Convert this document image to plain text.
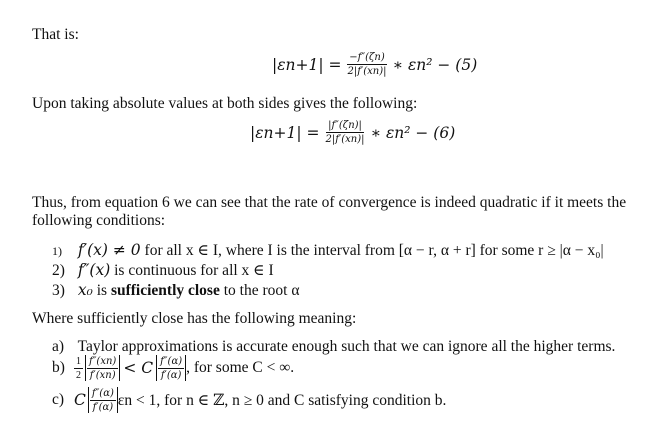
That is:
$|\varepsilon n+1| = \frac{-f''(\zeta n)}{2|f'(xn)|}$ ∗ εn² − (5)
Upon taking absolute values at both sides gives the following:
$|\varepsilon n+1| = \frac{|f''(\zeta n)|}{2|f'(xn)|}$ ∗ εn² − (6)
Thus, from equation 6 we can see that the rate of convergence is indeed quadratic if it meets the
following conditions:
1) f′(x) ≠ 0 for all x ∈ I, where I is the interval from [α − r, α + r] for some r ≥ |α − x₀|
2) f″(x) is continuous for all x ∈ I
3) x₀ is sufficiently close to the root α
Where sufficiently close has the following meaning:
a) Taylor approximations is accurate enough such that we can ignore all the higher terms.
$b) \frac{1}{2} \frac{f''(xn)}{f'(xn)} < C \frac{f''(\alpha)}{f'(\alpha)}$ , for some C < ∞.
c) C $\frac{f''(\alpha)}{f'(\alpha)}$ εn < 1, for n ∈ ℤ, n ≥ 0 and C satisfying condition b.
